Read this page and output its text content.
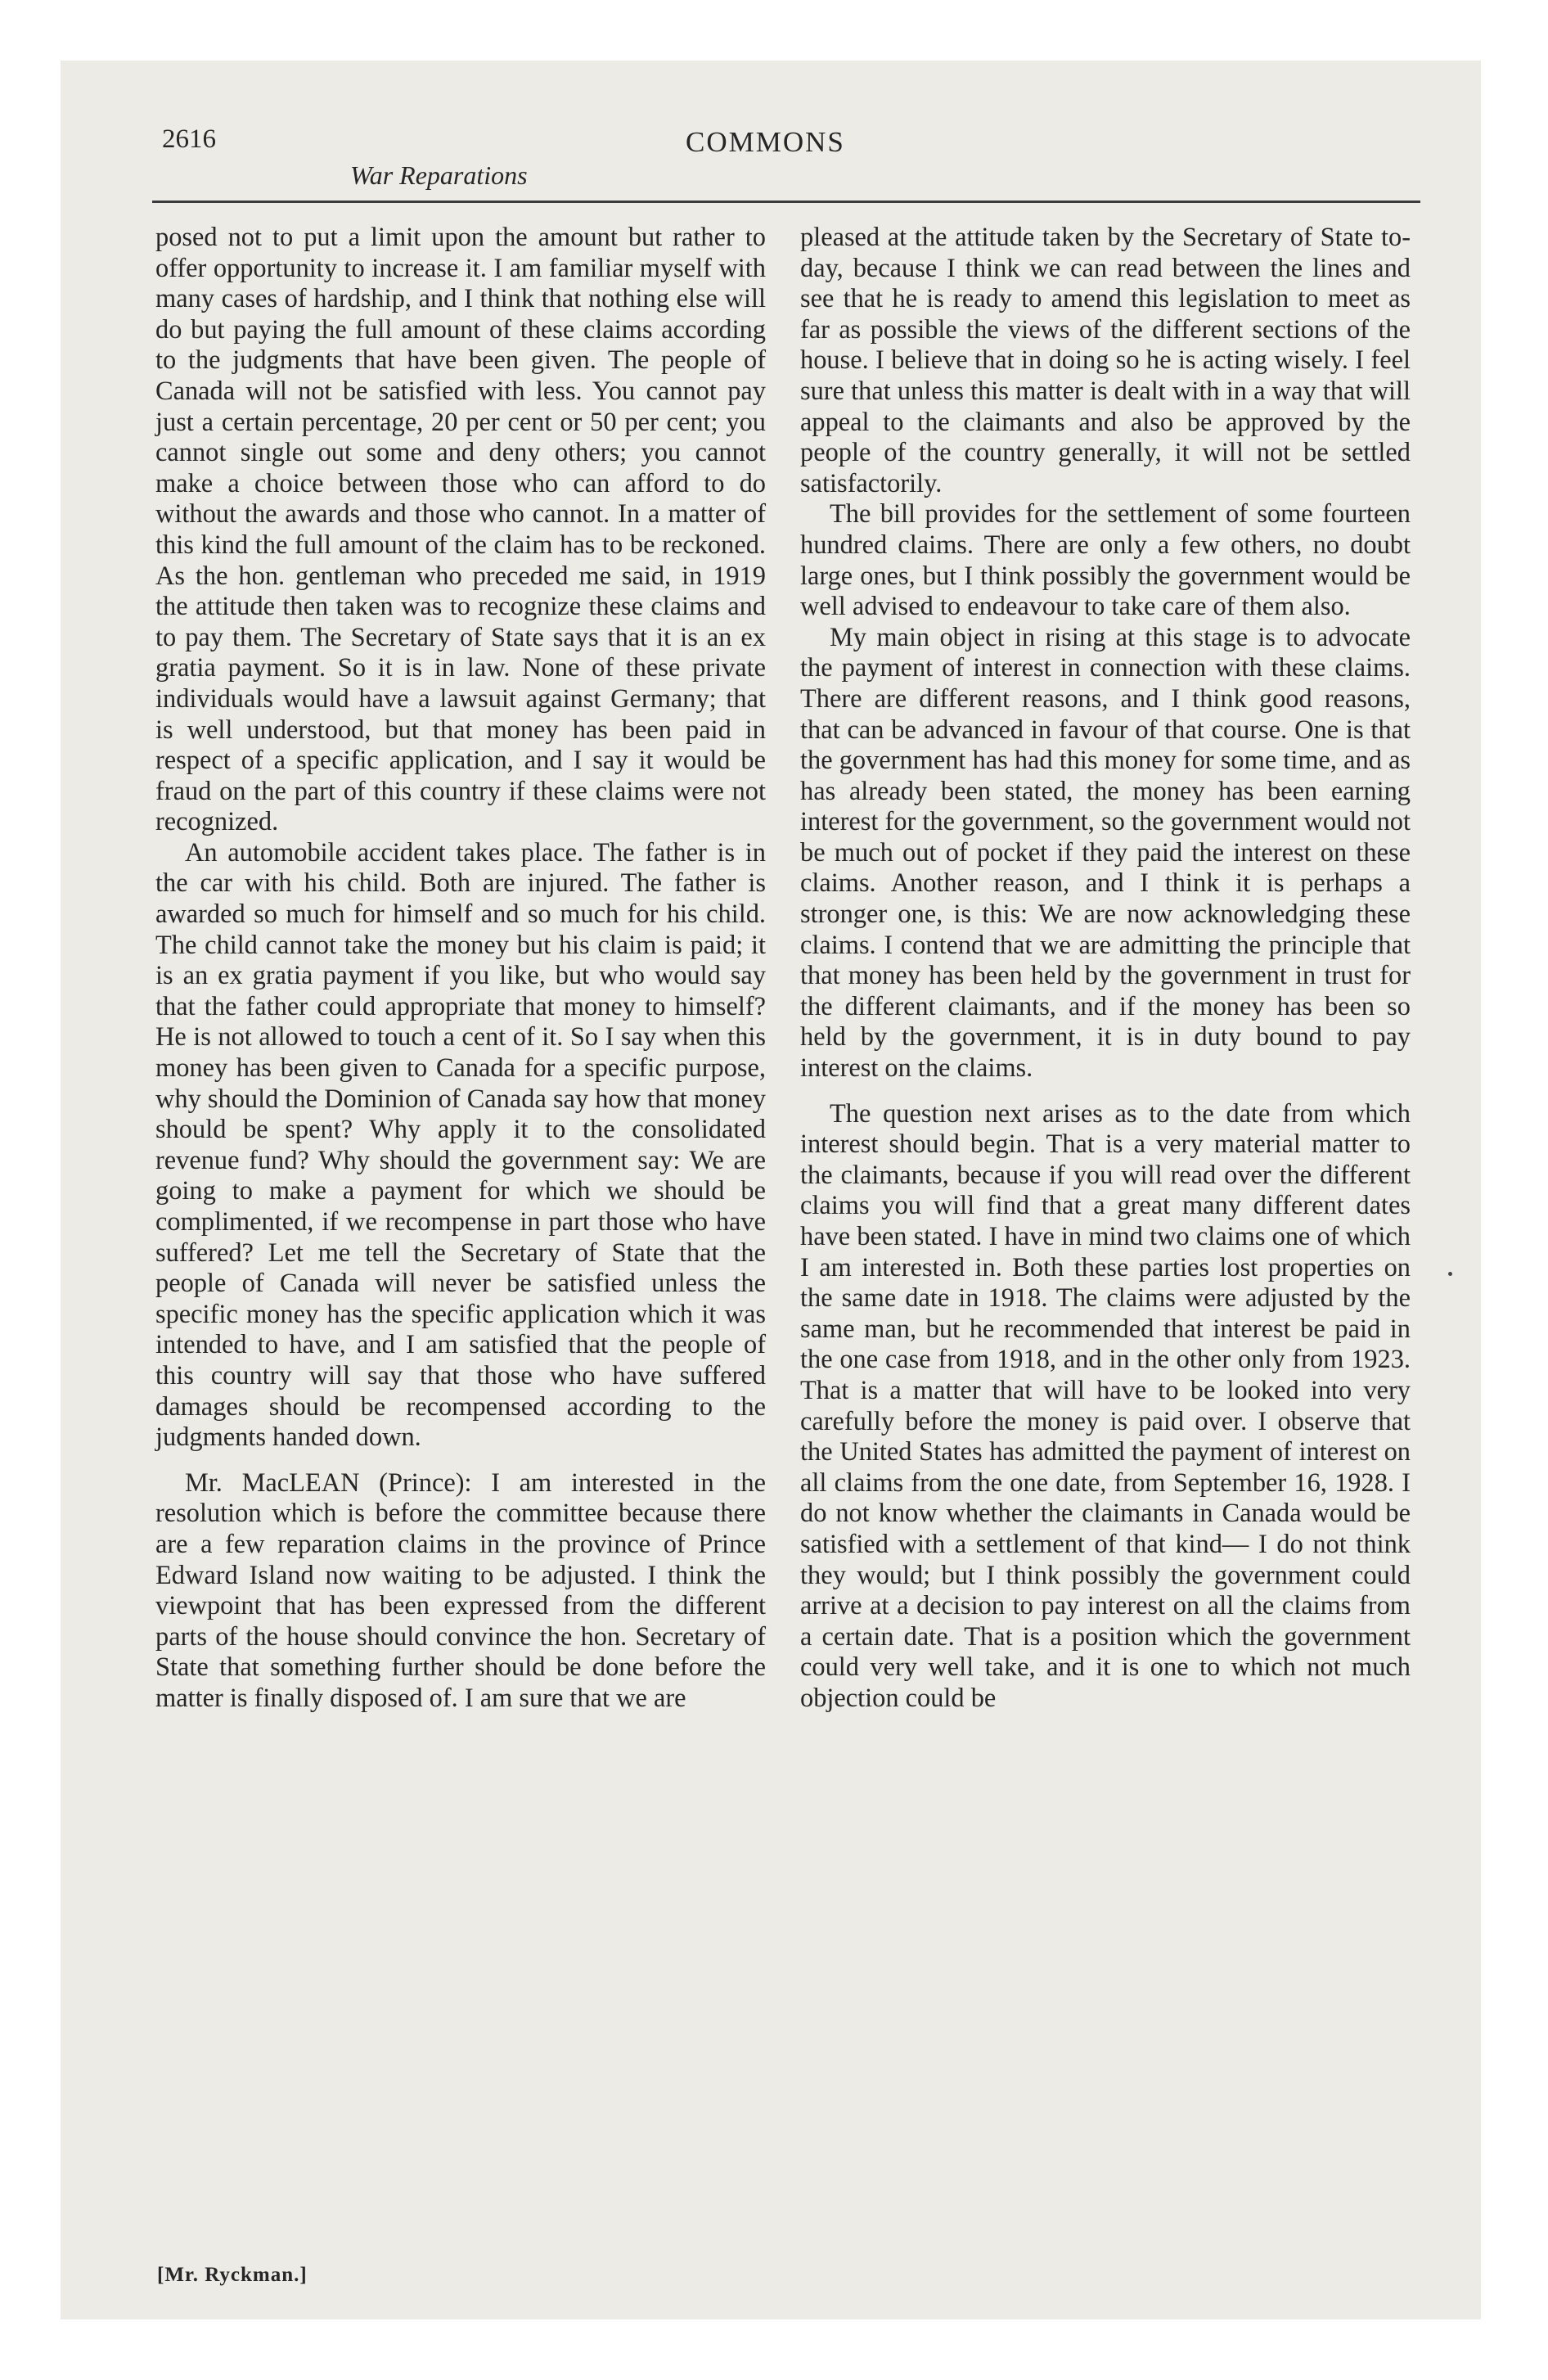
2616	COMMONS
War Reparations

posed not to put a limit upon the amount but rather to offer opportunity to increase it. I am familiar myself with many cases of hardship, and I think that nothing else will do but paying the full amount of these claims according to the judgments that have been given. The people of Canada will not be satisfied with less. You cannot pay just a certain percentage, 20 per cent or 50 per cent; you cannot single out some and deny others; you cannot make a choice between those who can afford to do without the awards and those who cannot. In a matter of this kind the full amount of the claim has to be reckoned. As the hon. gentleman who preceded me said, in 1919 the attitude then taken was to recognize these claims and to pay them. The Secretary of State says that it is an ex gratia payment. So it is in law. None of these private individuals would have a lawsuit against Germany; that is well understood, but that money has been paid in respect of a specific application, and I say it would be fraud on the part of this country if these claims were not recognized.

An automobile accident takes place. The father is in the car with his child. Both are injured. The father is awarded so much for himself and so much for his child. The child cannot take the money but his claim is paid; it is an ex gratia payment if you like, but who would say that the father could appropriate that money to himself? He is not allowed to touch a cent of it. So I say when this money has been given to Canada for a specific purpose, why should the Dominion of Canada say how that money should be spent? Why apply it to the consolidated revenue fund? Why should the government say: We are going to make a payment for which we should be complimented, if we recompense in part those who have suffered? Let me tell the Secretary of State that the people of Canada will never be satisfied unless the specific money has the specific application which it was intended to have, and I am satisfied that the people of this country will say that those who have suffered damages should be recompensed according to the judgments handed down.

Mr. MacLEAN (Prince): I am interested in the resolution which is before the committee because there are a few reparation claims in the province of Prince Edward Island now waiting to be adjusted. I think the viewpoint that has been expressed from the different parts of the house should convince the hon. Secretary of State that something further should be done before the matter is finally disposed of. I am sure that we are

pleased at the attitude taken by the Secretary of State to-day, because I think we can read between the lines and see that he is ready to amend this legislation to meet as far as possible the views of the different sections of the house. I believe that in doing so he is acting wisely. I feel sure that unless this matter is dealt with in a way that will appeal to the claimants and also be approved by the people of the country generally, it will not be settled satisfactorily.

The bill provides for the settlement of some fourteen hundred claims. There are only a few others, no doubt large ones, but I think possibly the government would be well advised to endeavour to take care of them also.

My main object in rising at this stage is to advocate the payment of interest in connection with these claims. There are different reasons, and I think good reasons, that can be advanced in favour of that course. One is that the government has had this money for some time, and as has already been stated, the money has been earning interest for the government, so the government would not be much out of pocket if they paid the interest on these claims. Another reason, and I think it is perhaps a stronger one, is this: We are now acknowledging these claims. I contend that we are admitting the principle that that money has been held by the government in trust for the different claimants, and if the money has been so held by the government, it is in duty bound to pay interest on the claims.

The question next arises as to the date from which interest should begin. That is a very material matter to the claimants, because if you will read over the different claims you will find that a great many different dates have been stated. I have in mind two claims one of which I am interested in. Both these parties lost properties on the same date in 1918. The claims were adjusted by the same man, but he recommended that interest be paid in the one case from 1918, and in the other only from 1923. That is a matter that will have to be looked into very carefully before the money is paid over. I observe that the United States has admitted the payment of interest on all claims from the one date, from September 16, 1928. I do not know whether the claimants in Canada would be satisfied with a settlement of that kind— I do not think they would; but I think possibly the government could arrive at a decision to pay interest on all the claims from a certain date. That is a position which the government could very well take, and it is one to which not much objection could be

[Mr. Ryckman.]
